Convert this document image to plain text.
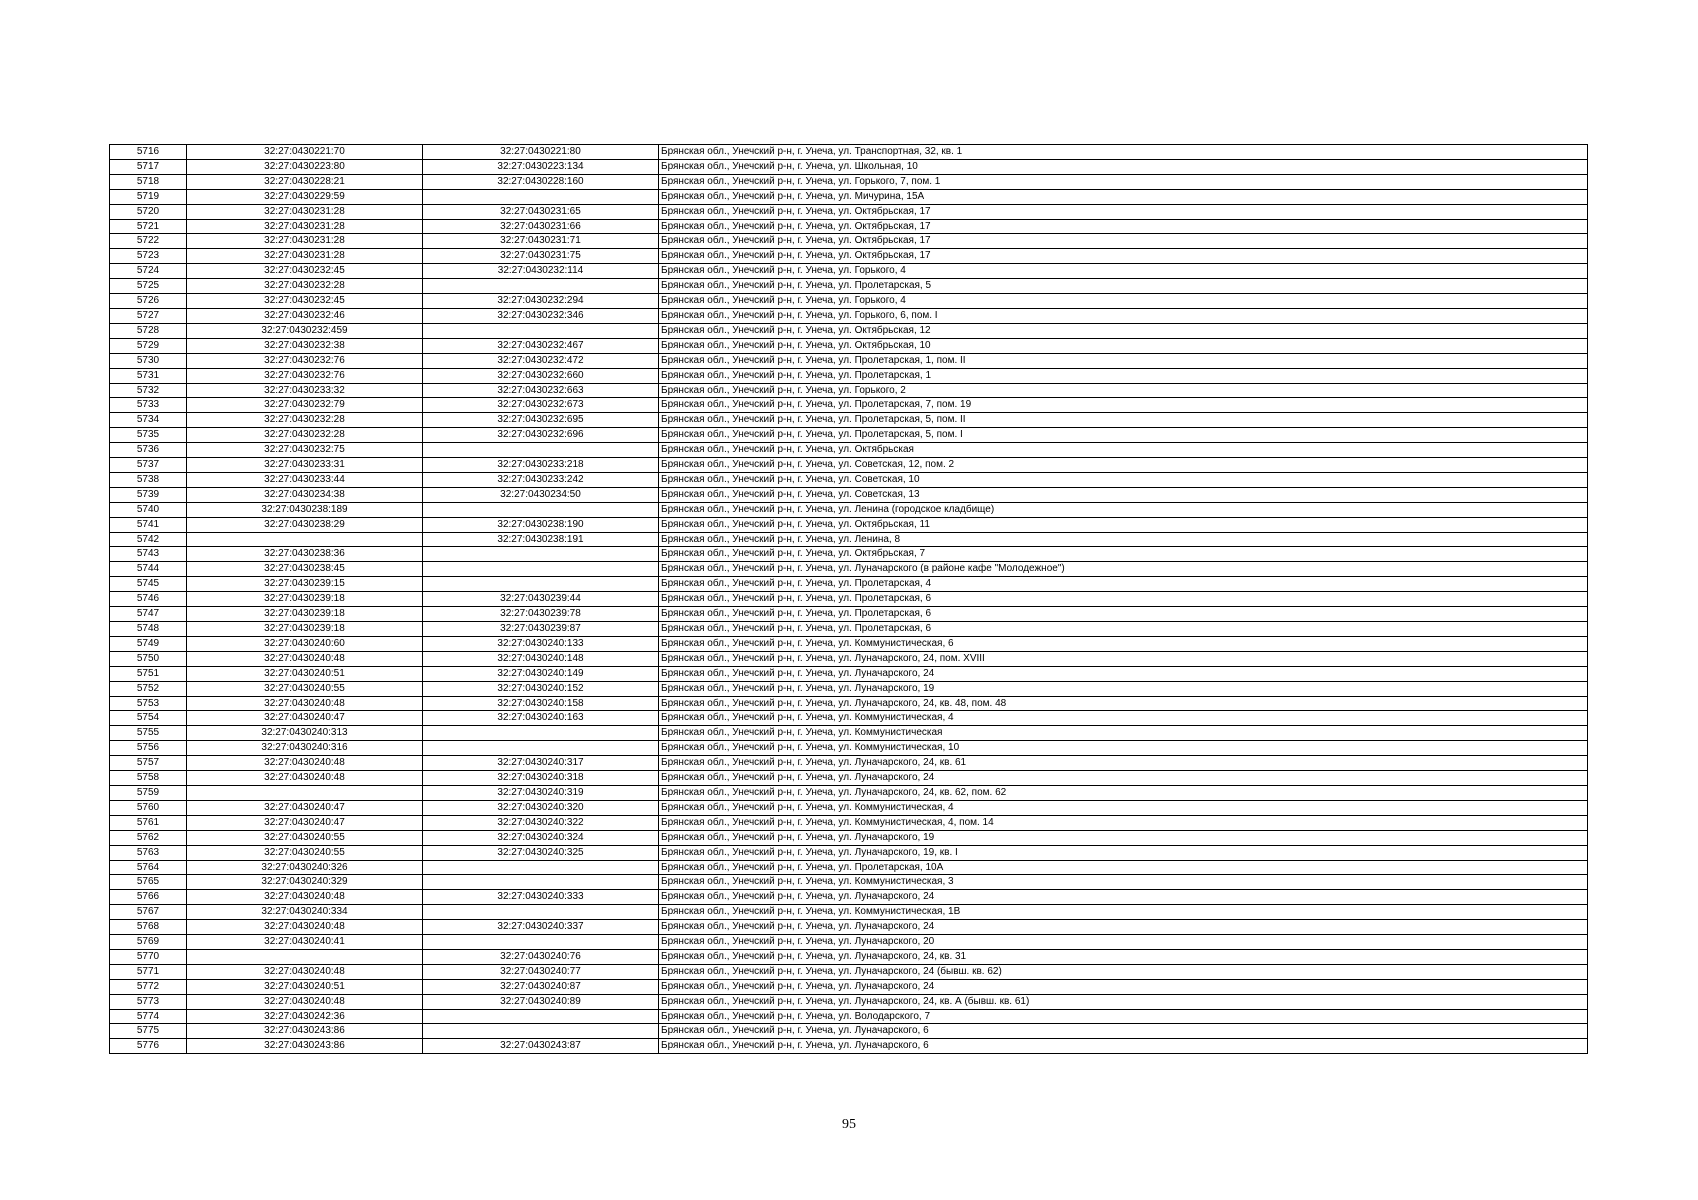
5716	32:27:0430221:70	32:27:0430221:80	Брянская обл., Унечский р-н, г. Унеча, ул. Транспортная, 32, кв. 1
5717	32:27:0430223:80	32:27:0430223:134	Брянская обл., Унечский р-н, г. Унеча, ул. Школьная, 10
5718	32:27:0430228:21	32:27:0430228:160	Брянская обл., Унечский р-н, г. Унеча, ул. Горького, 7, пом. 1
5719	32:27:0430229:59		Брянская обл., Унечский р-н, г. Унеча, ул. Мичурина, 15А
5720	32:27:0430231:28	32:27:0430231:65	Брянская обл., Унечский р-н, г. Унеча, ул. Октябрьская, 17
5721	32:27:0430231:28	32:27:0430231:66	Брянская обл., Унечский р-н, г. Унеча, ул. Октябрьская, 17
5722	32:27:0430231:28	32:27:0430231:71	Брянская обл., Унечский р-н, г. Унеча, ул. Октябрьская, 17
5723	32:27:0430231:28	32:27:0430231:75	Брянская обл., Унечский р-н, г. Унеча, ул. Октябрьская, 17
5724	32:27:0430232:45	32:27:0430232:114	Брянская обл., Унечский р-н, г. Унеча, ул. Горького, 4
5725	32:27:0430232:28		Брянская обл., Унечский р-н, г. Унеча, ул. Пролетарская, 5
5726	32:27:0430232:45	32:27:0430232:294	Брянская обл., Унечский р-н, г. Унеча, ул. Горького, 4
5727	32:27:0430232:46	32:27:0430232:346	Брянская обл., Унечский р-н, г. Унеча, ул. Горького, 6, пом. I
5728	32:27:0430232:459		Брянская обл., Унечский р-н, г. Унеча, ул. Октябрьская, 12
5729	32:27:0430232:38	32:27:0430232:467	Брянская обл., Унечский р-н, г. Унеча, ул. Октябрьская, 10
5730	32:27:0430232:76	32:27:0430232:472	Брянская обл., Унечский р-н, г. Унеча, ул. Пролетарская, 1, пом. II
5731	32:27:0430232:76	32:27:0430232:660	Брянская обл., Унечский р-н, г. Унеча, ул. Пролетарская, 1
5732	32:27:0430233:32	32:27:0430232:663	Брянская обл., Унечский р-н, г. Унеча, ул. Горького, 2
5733	32:27:0430232:79	32:27:0430232:673	Брянская обл., Унечский р-н, г. Унеча, ул. Пролетарская, 7, пом. 19
5734	32:27:0430232:28	32:27:0430232:695	Брянская обл., Унечский р-н, г. Унеча, ул. Пролетарская, 5, пом. II
5735	32:27:0430232:28	32:27:0430232:696	Брянская обл., Унечский р-н, г. Унеча, ул. Пролетарская, 5, пом. I
5736	32:27:0430232:75		Брянская обл., Унечский р-н, г. Унеча, ул. Октябрьская
5737	32:27:0430233:31	32:27:0430233:218	Брянская обл., Унечский р-н, г. Унеча, ул. Советская, 12, пом. 2
5738	32:27:0430233:44	32:27:0430233:242	Брянская обл., Унечский р-н, г. Унеча, ул. Советская, 10
5739	32:27:0430234:38	32:27:0430234:50	Брянская обл., Унечский р-н, г. Унеча, ул. Советская, 13
5740	32:27:0430238:189		Брянская обл., Унечский р-н, г. Унеча, ул. Ленина (городское кладбище)
5741	32:27:0430238:29	32:27:0430238:190	Брянская обл., Унечский р-н, г. Унеча, ул. Октябрьская, 11
5742		32:27:0430238:191	Брянская обл., Унечский р-н, г. Унеча, ул. Ленина, 8
5743	32:27:0430238:36		Брянская обл., Унечский р-н, г. Унеча, ул. Октябрьская, 7
5744	32:27:0430238:45		Брянская обл., Унечский р-н, г. Унеча, ул. Луначарского (в районе кафе "Молодежное")
5745	32:27:0430239:15		Брянская обл., Унечский р-н, г. Унеча, ул. Пролетарская, 4
5746	32:27:0430239:18	32:27:0430239:44	Брянская обл., Унечский р-н, г. Унеча, ул. Пролетарская, 6
5747	32:27:0430239:18	32:27:0430239:78	Брянская обл., Унечский р-н, г. Унеча, ул. Пролетарская, 6
5748	32:27:0430239:18	32:27:0430239:87	Брянская обл., Унечский р-н, г. Унеча, ул. Пролетарская, 6
5749	32:27:0430240:60	32:27:0430240:133	Брянская обл., Унечский р-н, г. Унеча, ул. Коммунистическая, 6
5750	32:27:0430240:48	32:27:0430240:148	Брянская обл., Унечский р-н, г. Унеча, ул. Луначарского, 24, пом. XVIII
5751	32:27:0430240:51	32:27:0430240:149	Брянская обл., Унечский р-н, г. Унеча, ул. Луначарского, 24
5752	32:27:0430240:55	32:27:0430240:152	Брянская обл., Унечский р-н, г. Унеча, ул. Луначарского, 19
5753	32:27:0430240:48	32:27:0430240:158	Брянская обл., Унечский р-н, г. Унеча, ул. Луначарского, 24, кв. 48, пом. 48
5754	32:27:0430240:47	32:27:0430240:163	Брянская обл., Унечский р-н, г. Унеча, ул. Коммунистическая, 4
5755	32:27:0430240:313		Брянская обл., Унечский р-н, г. Унеча, ул. Коммунистическая
5756	32:27:0430240:316		Брянская обл., Унечский р-н, г. Унеча, ул. Коммунистическая, 10
5757	32:27:0430240:48	32:27:0430240:317	Брянская обл., Унечский р-н, г. Унеча, ул. Луначарского, 24, кв. 61
5758	32:27:0430240:48	32:27:0430240:318	Брянская обл., Унечский р-н, г. Унеча, ул. Луначарского, 24
5759		32:27:0430240:319	Брянская обл., Унечский р-н, г. Унеча, ул. Луначарского, 24, кв. 62, пом. 62
5760	32:27:0430240:47	32:27:0430240:320	Брянская обл., Унечский р-н, г. Унеча, ул. Коммунистическая, 4
5761	32:27:0430240:47	32:27:0430240:322	Брянская обл., Унечский р-н, г. Унеча, ул. Коммунистическая, 4, пом. 14
5762	32:27:0430240:55	32:27:0430240:324	Брянская обл., Унечский р-н, г. Унеча, ул. Луначарского, 19
5763	32:27:0430240:55	32:27:0430240:325	Брянская обл., Унечский р-н, г. Унеча, ул. Луначарского, 19, кв. I
5764	32:27:0430240:326		Брянская обл., Унечский р-н, г. Унеча, ул. Пролетарская, 10А
5765	32:27:0430240:329		Брянская обл., Унечский р-н, г. Унеча, ул. Коммунистическая, 3
5766	32:27:0430240:48	32:27:0430240:333	Брянская обл., Унечский р-н, г. Унеча, ул. Луначарского, 24
5767	32:27:0430240:334		Брянская обл., Унечский р-н, г. Унеча, ул. Коммунистическая, 1В
5768	32:27:0430240:48	32:27:0430240:337	Брянская обл., Унечский р-н, г. Унеча, ул. Луначарского, 24
5769	32:27:0430240:41		Брянская обл., Унечский р-н, г. Унеча, ул. Луначарского, 20
5770		32:27:0430240:76	Брянская обл., Унечский р-н, г. Унеча, ул. Луначарского, 24, кв. 31
5771	32:27:0430240:48	32:27:0430240:77	Брянская обл., Унечский р-н, г. Унеча, ул. Луначарского, 24 (бывш. кв. 62)
5772	32:27:0430240:51	32:27:0430240:87	Брянская обл., Унечский р-н, г. Унеча, ул. Луначарского, 24
5773	32:27:0430240:48	32:27:0430240:89	Брянская обл., Унечский р-н, г. Унеча, ул. Луначарского, 24, кв. А (бывш. кв. 61)
5774	32:27:0430242:36		Брянская обл., Унечский р-н, г. Унеча, ул. Володарского, 7
5775	32:27:0430243:86		Брянская обл., Унечский р-н, г. Унеча, ул. Луначарского, 6
5776	32:27:0430243:86	32:27:0430243:87	Брянская обл., Унечский р-н, г. Унеча, ул. Луначарского, 6
95
